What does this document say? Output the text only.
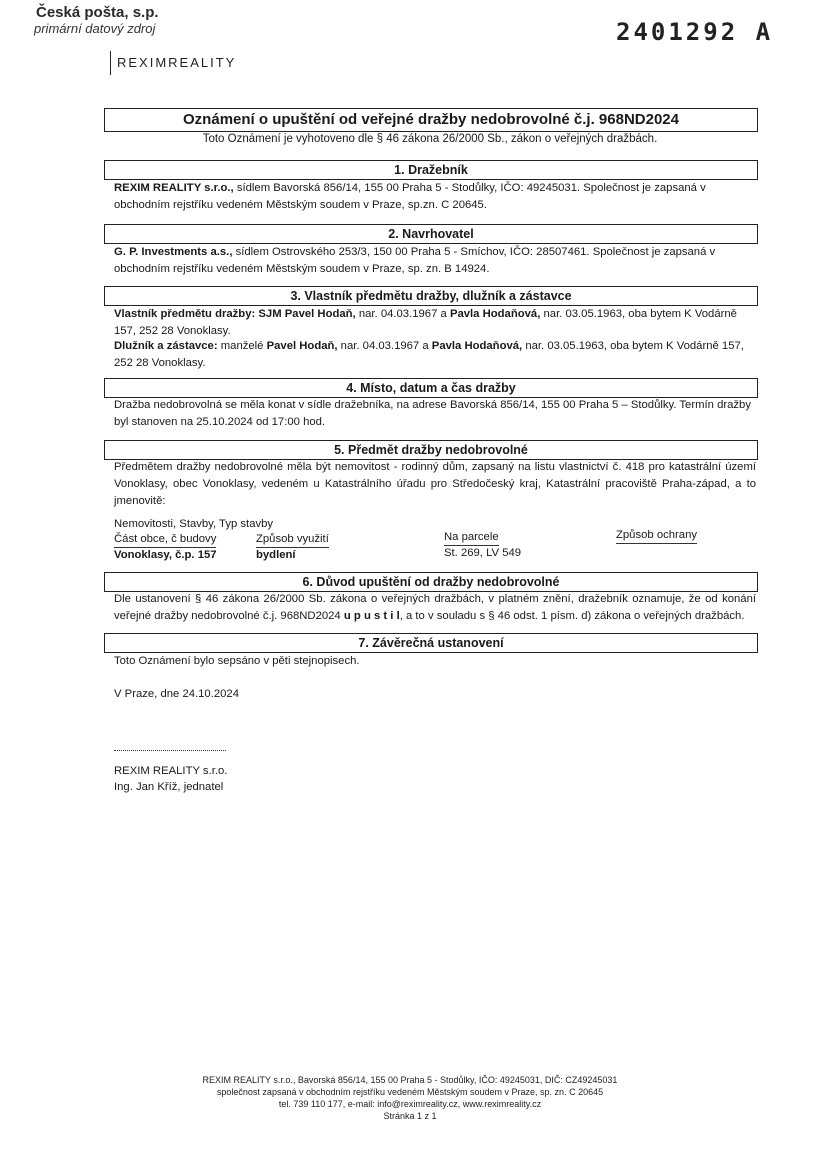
Česká pošta, s.p.
primární datový zdroj
REXIMREALITY
2401292 A
Oznámení o upuštění od veřejné dražby nedobrovolné č.j. 968ND2024
Toto Oznámení je vyhotoveno dle § 46 zákona 26/2000 Sb., zákon o veřejných dražbách.
1. Dražebník
REXIM REALITY s.r.o., sídlem Bavorská 856/14, 155 00 Praha 5 - Stodůlky, IČO: 49245031. Společnost je zapsaná v obchodním rejstříku vedeném Městským soudem v Praze, sp.zn. C 20645.
2. Navrhovatel
G. P. Investments a.s., sídlem Ostrovského 253/3, 150 00 Praha 5 - Smíchov, IČO: 28507461. Společnost je zapsaná v obchodním rejstříku vedeném Městským soudem v Praze, sp. zn. B 14924.
3. Vlastník předmětu dražby, dlužník a zástavce
Vlastník předmětu dražby: SJM Pavel Hodaň, nar. 04.03.1967 a Pavla Hodaňová, nar. 03.05.1963, oba bytem K Vodárně 157, 252 28 Vonoklasy.
Dlužník a zástavce: manželé Pavel Hodaň, nar. 04.03.1967 a Pavla Hodaňová, nar. 03.05.1963, oba bytem K Vodárně 157, 252 28 Vonoklasy.
4. Místo, datum a čas dražby
Dražba nedobrovolná se měla konat v sídle dražebníka, na adrese Bavorská 856/14, 155 00 Praha 5 – Stodůlky. Termín dražby byl stanoven na 25.10.2024 od 17:00 hod.
5. Předmět dražby nedobrovolné
Předmětem dražby nedobrovolné měla být nemovitost - rodinný dům, zapsaný na listu vlastnictví č. 418 pro katastrální území Vonoklasy, obec Vonoklasy, vedeném u Katastrálního úřadu pro Středočeský kraj, Katastrální pracoviště Praha-západ, a to jmenovitě:
Nemovitosti, Stavby, Typ stavby
Část obce, č budovy	Způsob využití	Na parcele	Způsob ochrany
Vonoklasy, č.p. 157	bydlení	St. 269, LV 549
6. Důvod upuštění od dražby nedobrovolné
Dle ustanovení § 46 zákona 26/2000 Sb. zákona o veřejných dražbách, v platném znění, dražebník oznamuje, že od konání veřejné dražby nedobrovolné č.j. 968ND2024 u p u s t i l, a to v souladu s § 46 odst. 1 písm. d) zákona o veřejných dražbách.
7. Závěrečná ustanovení
Toto Oznámení bylo sepsáno v pěti stejnopisech.
V Praze, dne 24.10.2024
REXIM REALITY s.r.o.
Ing. Jan Kříž, jednatel
REXIM REALITY s.r.o., Bavorská 856/14, 155 00 Praha 5 - Stodůlky, IČO: 49245031, DIČ: CZ49245031
společnost zapsaná v obchodním rejstříku vedeném Městským soudem v Praze, sp. zn. C 20645
tel. 739 110 177, e-mail: info@reximreality.cz, www.reximreality.cz
Stránka 1 z 1
